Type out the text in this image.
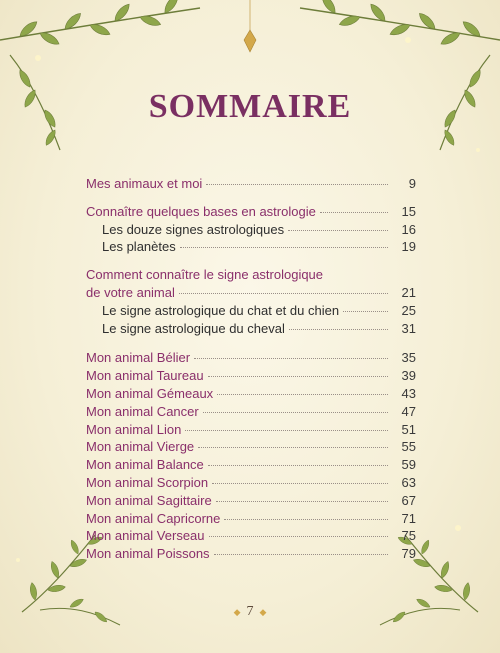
SOMMAIRE
Mes animaux et moi	9
Connaître quelques bases en astrologie	15
Les douze signes astrologiques	16
Les planètes	19
Comment connaître le signe astrologique
de votre animal	21
Le signe astrologique du chat et du chien	25
Le signe astrologique du cheval	31
Mon animal Bélier	35
Mon animal Taureau	39
Mon animal Gémeaux	43
Mon animal Cancer	47
Mon animal Lion	51
Mon animal Vierge	55
Mon animal Balance	59
Mon animal Scorpion	63
Mon animal Sagittaire	67
Mon animal Capricorne	71
Mon animal Verseau	75
Mon animal Poissons	79
◆ 7 ◆
